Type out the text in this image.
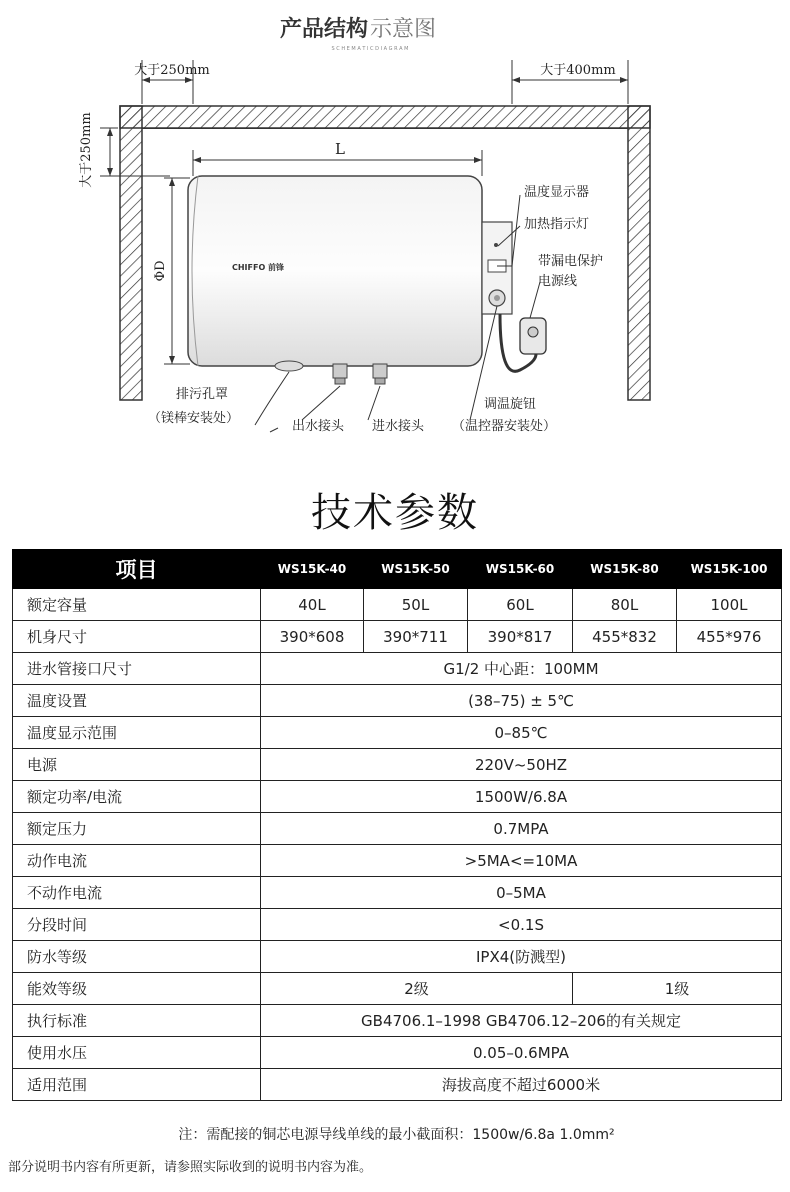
产品结构 示意图
S C H E M A T I C D I A G R A M
大于250mm	大于400mm
大于250mm	L
ΦD	CHIFFO 前锋
温度显示器
加热指示灯
带漏电保护
电源线
排污孔罩
（镁棒安装处）
出水接头 进水接头
调温旋钮
（温控器安装处）
技术参数
项目	WS15K-40	WS15K-50	WS15K-60	WS15K-80	WS15K-100
额定容量	40L	50L	60L	80L	100L
机身尺寸	390*608	390*711	390*817	455*832	455*976
进水管接口尺寸	G1/2 中心距：100MM				
温度设置	(38–75) ± 5℃				
温度显示范围	0–85℃				
电源	220V~50HZ				
额定功率/电流	1500W/6.8A				
额定压力	0.7MPA				
动作电流	>5MA<=10MA				
不动作电流	0–5MA				
分段时间	<0.1S				
防水等级	IPX4(防溅型)				
能效等级	2级			1级	
执行标准	GB4706.1–1998 GB4706.12–206的有关规定				
使用水压	0.05–0.6MPA				
适用范围	海拔高度不超过6000米				
注：需配接的铜芯电源导线单线的最小截面积：1500w/6.8a 1.0mm²
部分说明书内容有所更新，请参照实际收到的说明书内容为准。
